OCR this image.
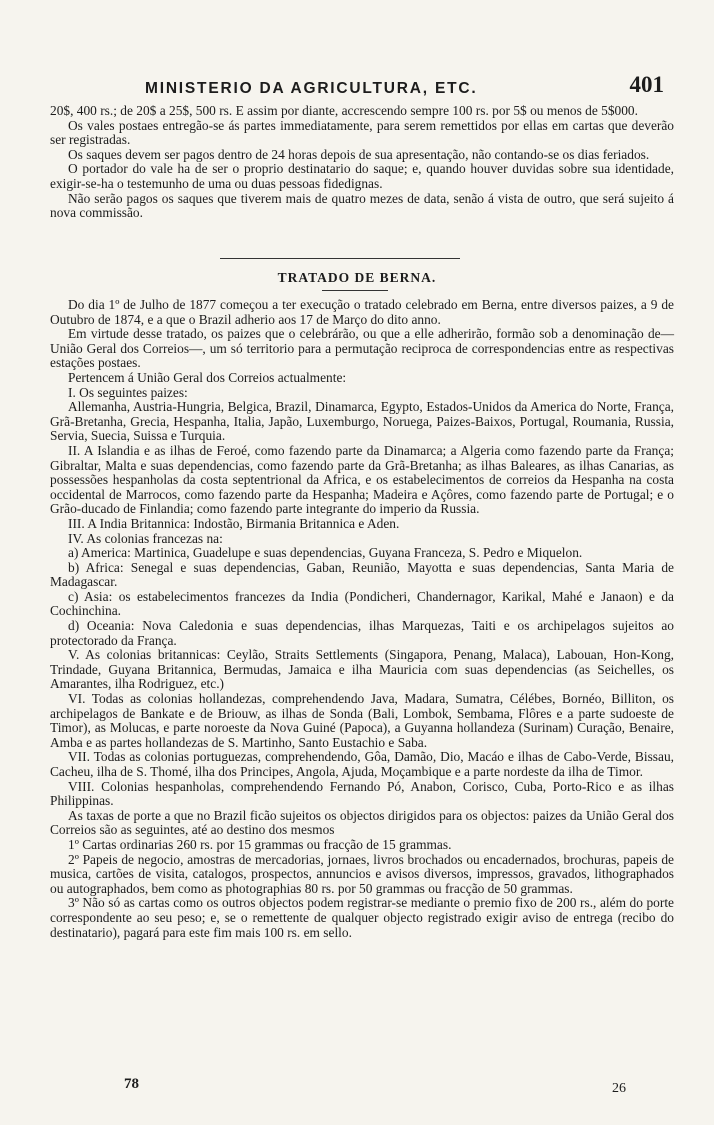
MINISTERIO DA AGRICULTURA, ETC.	401

20$, 400 rs.; de 20$ a 25$, 500 rs. E assim por diante, accrescendo sempre 100 rs. por 5$ ou menos de 5$000.

Os vales postaes entregão-se ás partes immediatamente, para serem remettidos por ellas em cartas que deverão ser registradas.

Os saques devem ser pagos dentro de 24 horas depois de sua apresentação, não contando-se os dias feriados.

O portador do vale ha de ser o proprio destinatario do saque; e, quando houver duvidas sobre sua identidade, exigir-se-ha o testemunho de uma ou duas pessoas fidedignas.

Não serão pagos os saques que tiverem mais de quatro mezes de data, senão á vista de outro, que será sujeito á nova commissão.

TRATADO DE BERNA.

Do dia 1º de Julho de 1877 começou a ter execução o tratado celebrado em Berna, entre diversos paizes, a 9 de Outubro de 1874, e a que o Brazil adherio aos 17 de Março do dito anno.

Em virtude desse tratado, os paizes que o celebrárão, ou que a elle adherirão, formão sob a denominação de—União Geral dos Correios—, um só territorio para a permutação reciproca de correspondencias entre as respectivas estações postaes.

Pertencem á União Geral dos Correios actualmente:

I. Os seguintes paizes:

Allemanha, Austria-Hungria, Belgica, Brazil, Dinamarca, Egypto, Estados-Unidos da America do Norte, França, Grã-Bretanha, Grecia, Hespanha, Italia, Japão, Luxemburgo, Noruega, Paizes-Baixos, Portugal, Roumania, Russia, Servia, Suecia, Suissa e Turquia.

II. A Islandia e as ilhas de Feroé, como fazendo parte da Dinamarca; a Algeria como fazendo parte da França; Gibraltar, Malta e suas dependencias, como fazendo parte da Grã-Bretanha; as ilhas Baleares, as ilhas Canarias, as possessões hespanholas da costa septentrional da Africa, e os estabelecimentos de correios da Hespanha na costa occidental de Marrocos, como fazendo parte da Hespanha; Madeira e Açôres, como fazendo parte de Portugal; e o Grão-ducado de Finlandia; como fazendo parte integrante do imperio da Russia.

III. A India Britannica: Indostão, Birmania Britannica e Aden.

IV. As colonias francezas na:

a) America: Martinica, Guadelupe e suas dependencias, Guyana Franceza, S. Pedro e Miquelon.

b) Africa: Senegal e suas dependencias, Gaban, Reunião, Mayotta e suas dependencias, Santa Maria de Madagascar.

c) Asia: os estabelecimentos francezes da India (Pondicheri, Chandernagor, Karikal, Mahé e Janaon) e da Cochinchina.

d) Oceania: Nova Caledonia e suas dependencias, ilhas Marquezas, Taiti e os archipelagos sujeitos ao protectorado da França.

V. As colonias britannicas: Ceylão, Straits Settlements (Singapora, Penang, Malaca), Labouan, Hon-Kong, Trindade, Guyana Britannica, Bermudas, Jamaica e ilha Mauricia com suas dependencias (as Seichelles, os Amarantes, ilha Rodriguez, etc.)

VI. Todas as colonias hollandezas, comprehendendo Java, Madara, Sumatra, Célébes, Bornéo, Billiton, os archipelagos de Bankate e de Briouw, as ilhas de Sonda (Bali, Lombok, Sembama, Flôres e a parte sudoeste de Timor), as Molucas, e parte noroeste da Nova Guiné (Papoca), a Guyanna hollandeza (Surinam) Curação, Benaire, Amba e as partes hollandezas de S. Martinho, Santo Eustachio e Saba.

VII. Todas as colonias portuguezas, comprehendendo, Gôa, Damão, Dio, Macáo e ilhas de Cabo-Verde, Bissau, Cacheu, ilha de S. Thomé, ilha dos Principes, Angola, Ajuda, Moçambique e a parte nordeste da ilha de Timor.

VIII. Colonias hespanholas, comprehendendo Fernando Pó, Anabon, Corisco, Cuba, Porto-Rico e as ilhas Philippinas.

As taxas de porte a que no Brazil ficão sujeitos os objectos dirigidos para os objectos: paizes da União Geral dos Correios são as seguintes, até ao destino dos mesmos

1º Cartas ordinarias 260 rs. por 15 grammas ou fracção de 15 grammas.

2º Papeis de negocio, amostras de mercadorias, jornaes, livros brochados ou encadernados, brochuras, papeis de musica, cartões de visita, catalogos, prospectos, annuncios e avisos diversos, impressos, gravados, lithographados ou autographados, bem como as photographias 80 rs. por 50 grammas ou fracção de 50 grammas.

3º Não só as cartas como os outros objectos podem registrar-se mediante o premio fixo de 200 rs., além do porte correspondente ao seu peso; e, se o remettente de qualquer objecto registrado exigir aviso de entrega (recibo do destinatario), pagará para este fim mais 100 rs. em sello.

78	26
